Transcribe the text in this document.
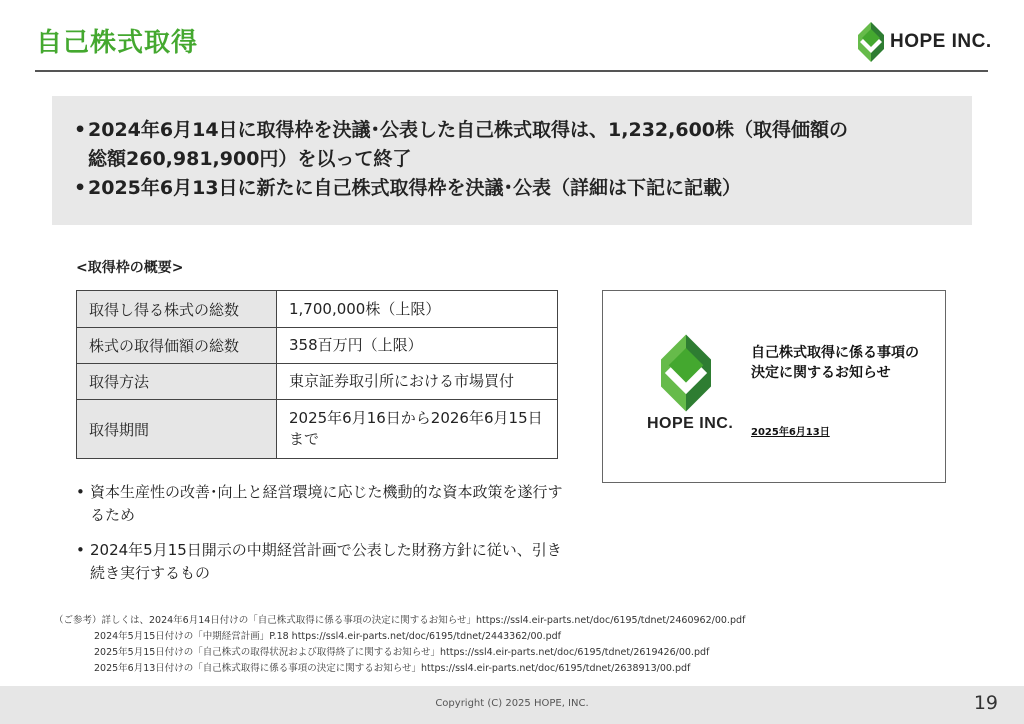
自己株式取得	HOPE INC.
• 2024年6月14日に取得枠を決議･公表した自己株式取得は、1,232,600株（取得価額の
総額260,981,900円）を以って終了
• 2025年6月13日に新たに自己株式取得枠を決議･公表（詳細は下記に記載）
<取得枠の概要>
取得し得る株式の総数	1,700,000株（上限）
株式の取得価額の総数	358百万円（上限）
取得方法	東京証券取引所における市場買付
取得期間	2025年6月16日から2026年6月15日まで
• 資本生産性の改善･向上と経営環境に応じた機動的な資本政策を遂行するため
• 2024年5月15日開示の中期経営計画で公表した財務方針に従い、引き続き実行するもの
HOPE INC.
自己株式取得に係る事項の決定に関するお知らせ
2025年6月13日
（ご参考）詳しくは、2024年6月14日付けの「自己株式取得に係る事項の決定に関するお知らせ」https://ssl4.eir-parts.net/doc/6195/tdnet/2460962/00.pdf
2024年5月15日付けの「中期経営計画」P.18 https://ssl4.eir-parts.net/doc/6195/tdnet/2443362/00.pdf
2025年5月15日付けの「自己株式の取得状況および取得終了に関するお知らせ」https://ssl4.eir-parts.net/doc/6195/tdnet/2619426/00.pdf
2025年6月13日付けの「自己株式取得に係る事項の決定に関するお知らせ」https://ssl4.eir-parts.net/doc/6195/tdnet/2638913/00.pdf
Copyright (C) 2025 HOPE, INC.	19
